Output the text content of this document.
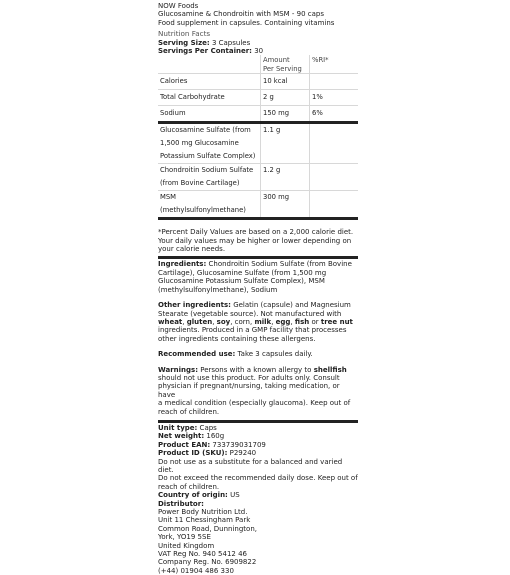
NOW Foods
Glucosamine & Chondroitin with MSM - 90 caps
Food supplement in capsules. Containing vitamins
Nutrition Facts
Serving Size: 3 Capsules
Servings Per Container: 30

	Amount
Per Serving	%RI*
Calories	10 kcal	
Total Carbohydrate	2 g	1%
Sodium	150 mg	6%

Glucosamine Sulfate (from
1,500 mg Glucosamine
Potassium Sulfate Complex)	1.1 g	

Chondroitin Sodium Sulfate
(from Bovine Cartilage)	1.2 g	
MSM (methylsulfonylmethane)	300 mg	
*Percent Daily Values are based on a 2,000 calorie diet.
Your daily values may be higher or lower depending on
your calorie needs.
Ingredients: Chondroitin Sodium Sulfate (from Bovine
Cartilage), Glucosamine Sulfate (from 1,500 mg
Glucosamine Potassium Sulfate Complex), MSM
(methylsulfonylmethane), Sodium
Other ingredients: Gelatin (capsule) and Magnesium
Stearate (vegetable source). Not manufactured with
wheat, gluten, soy, corn, milk, egg, fish or tree nut
ingredients. Produced in a GMP facility that processes
other ingredients containing these allergens.
Recommended use: Take 3 capsules daily.
Warnings: Persons with a known allergy to shellfish
should not use this product. For adults only. Consult
physician if pregnant/nursing, taking medication, or have
a medical condition (especially glaucoma). Keep out of
reach of children.
Unit type: Caps
Net weight: 160g
Product EAN: 733739031709
Product ID (SKU): P29240
Do not use as a substitute for a balanced and varied diet.
Do not exceed the recommended daily dose. Keep out of
reach of children.
Country of origin: US
Distributor:
Power Body Nutrition Ltd.
Unit 11 Chessingham Park
Common Road, Dunnington,
York, YO19 5SE
United Kingdom
VAT Reg No. 940 5412 46
Company Reg. No. 6909822
(+44) 01904 486 330
